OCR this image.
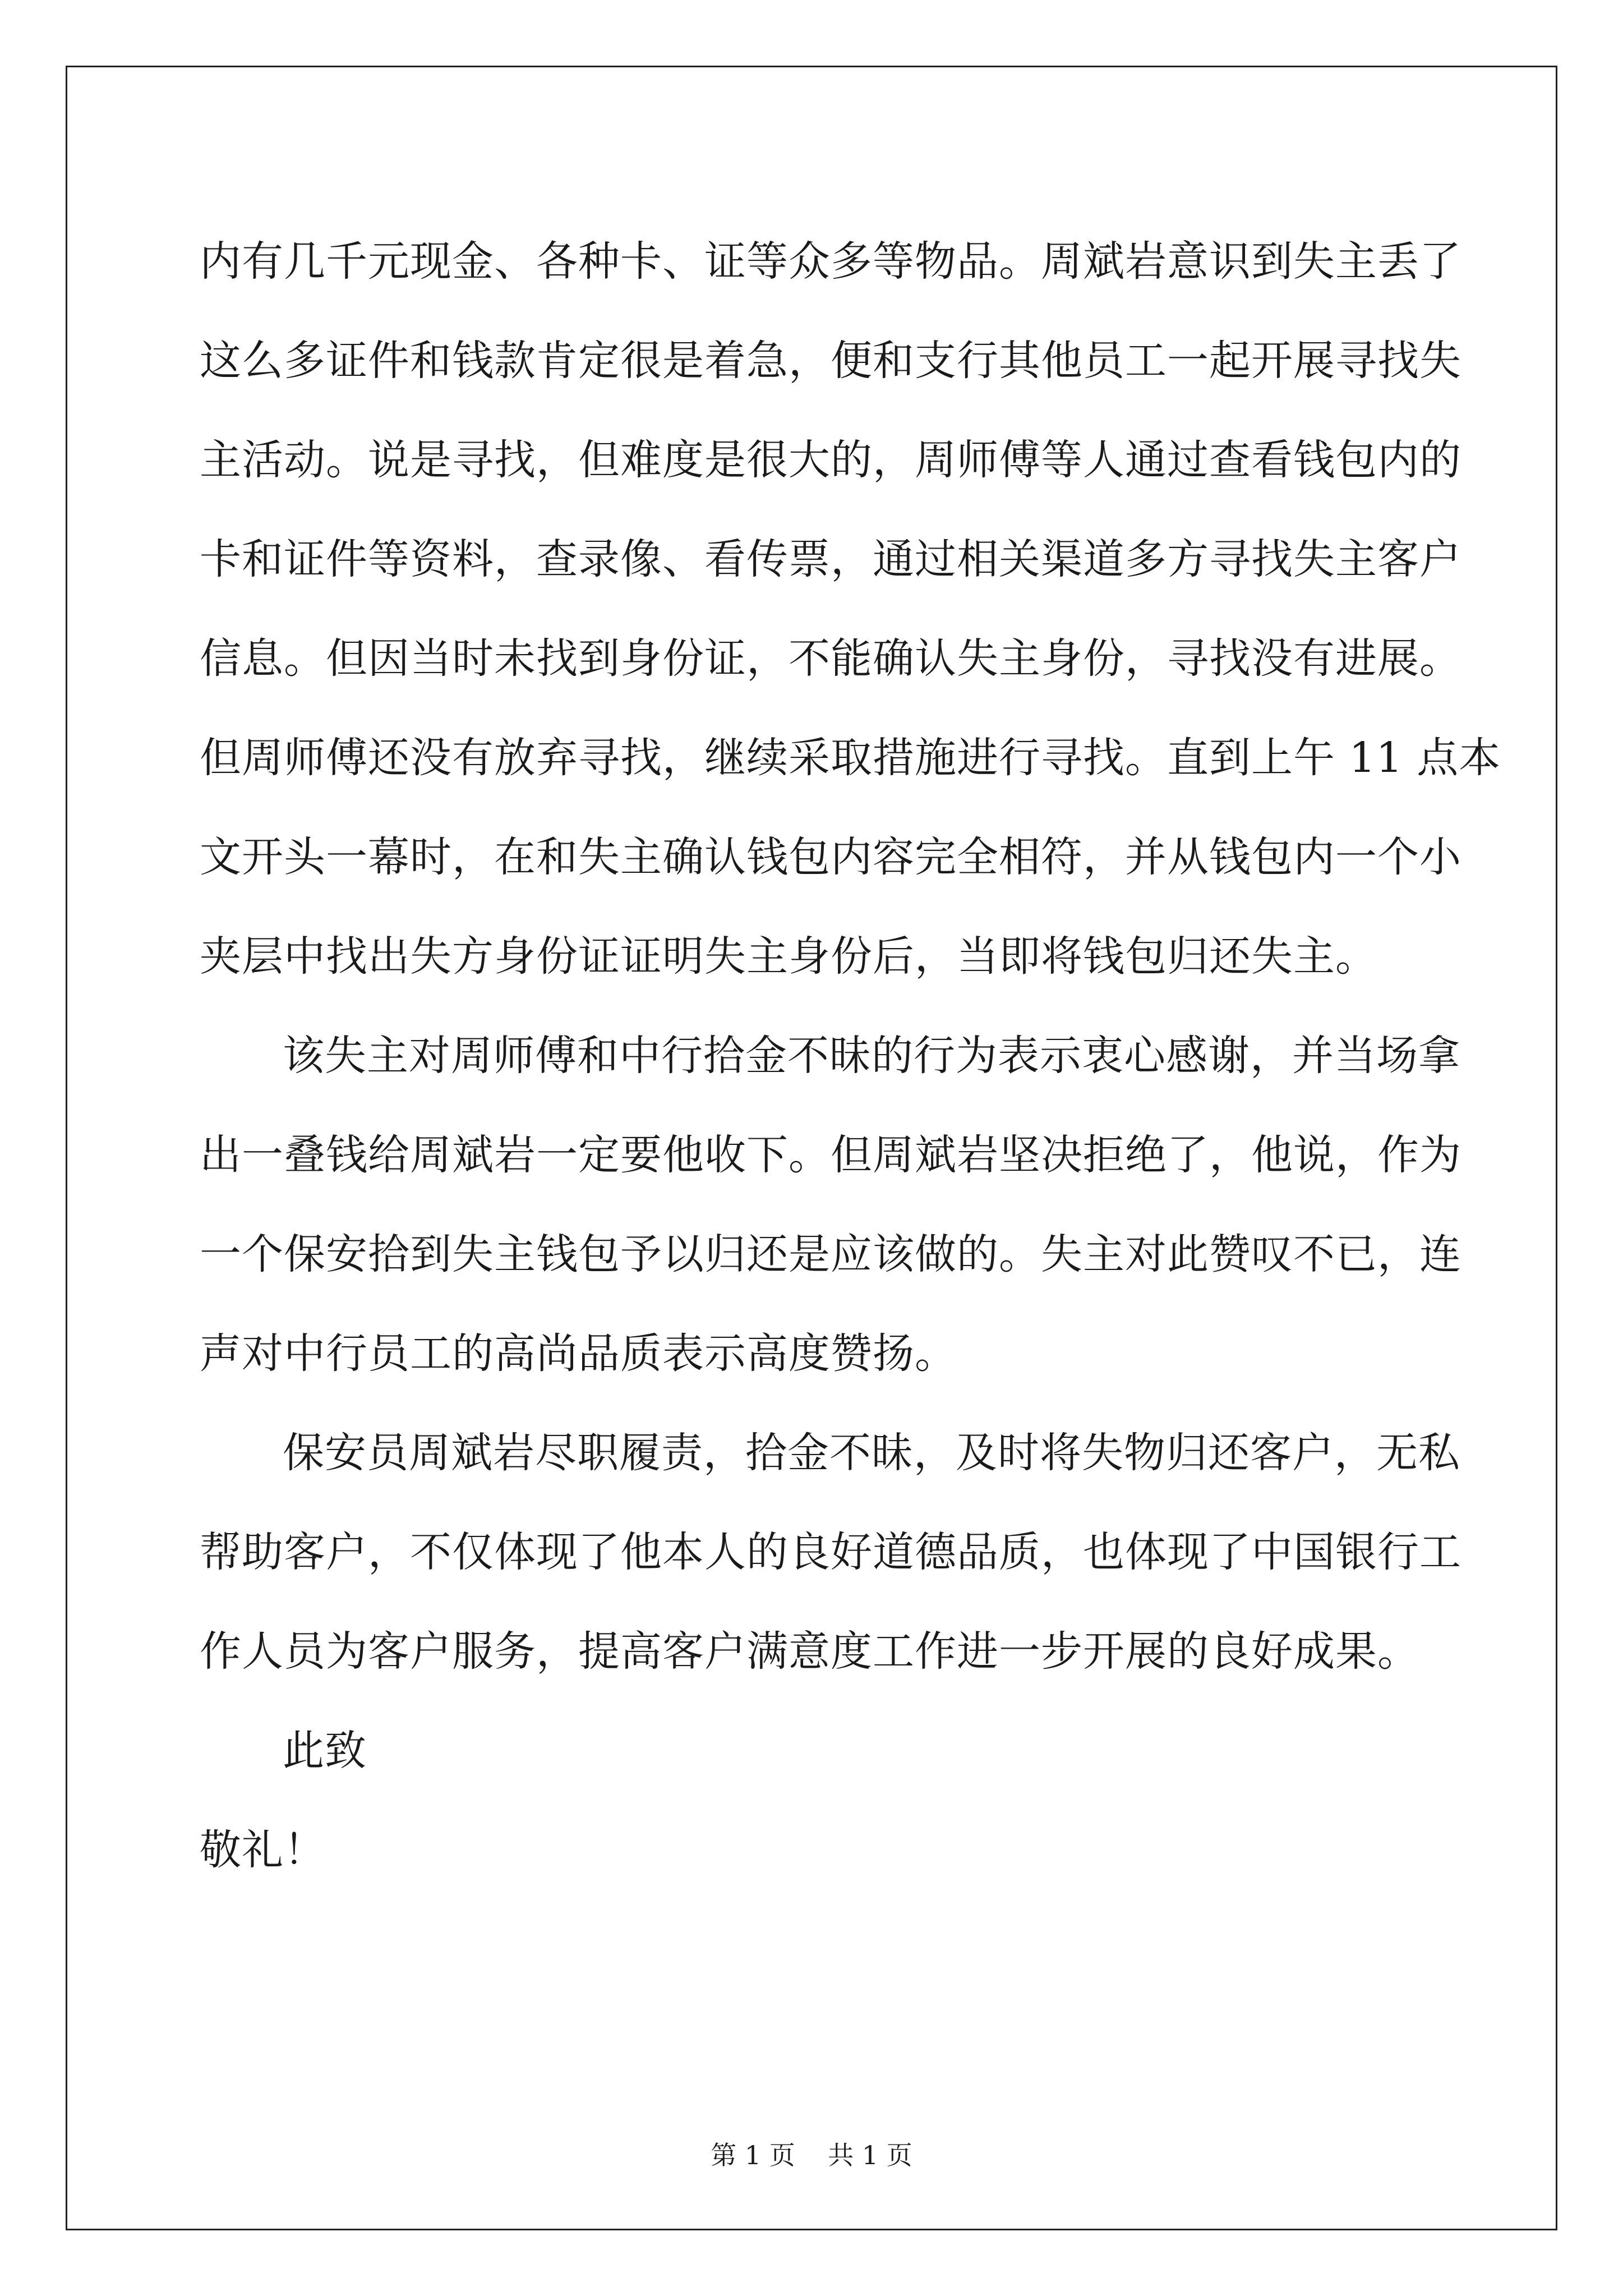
内有几千元现金、各种卡、证等众多等物品。周斌岩意识到失主丢了
这么多证件和钱款肯定很是着急，便和支行其他员工一起开展寻找失
主活动。说是寻找，但难度是很大的，周师傅等人通过查看钱包内的
卡和证件等资料，查录像、看传票，通过相关渠道多方寻找失主客户
信息。但因当时未找到身份证，不能确认失主身份，寻找没有进展。
但周师傅还没有放弃寻找，继续采取措施进行寻找。直到上午 11 点本
文开头一幕时，在和失主确认钱包内容完全相符，并从钱包内一个小
夹层中找出失方身份证证明失主身份后，当即将钱包归还失主。
该失主对周师傅和中行拾金不昧的行为表示衷心感谢，并当场拿
出一叠钱给周斌岩一定要他收下。但周斌岩坚决拒绝了，他说，作为
一个保安拾到失主钱包予以归还是应该做的。失主对此赞叹不已，连
声对中行员工的高尚品质表示高度赞扬。
保安员周斌岩尽职履责，拾金不昧，及时将失物归还客户，无私
帮助客户，不仅体现了他本人的良好道德品质，也体现了中国银行工
作人员为客户服务，提高客户满意度工作进一步开展的良好成果。
此致
敬礼！
第 1 页    共 1 页
